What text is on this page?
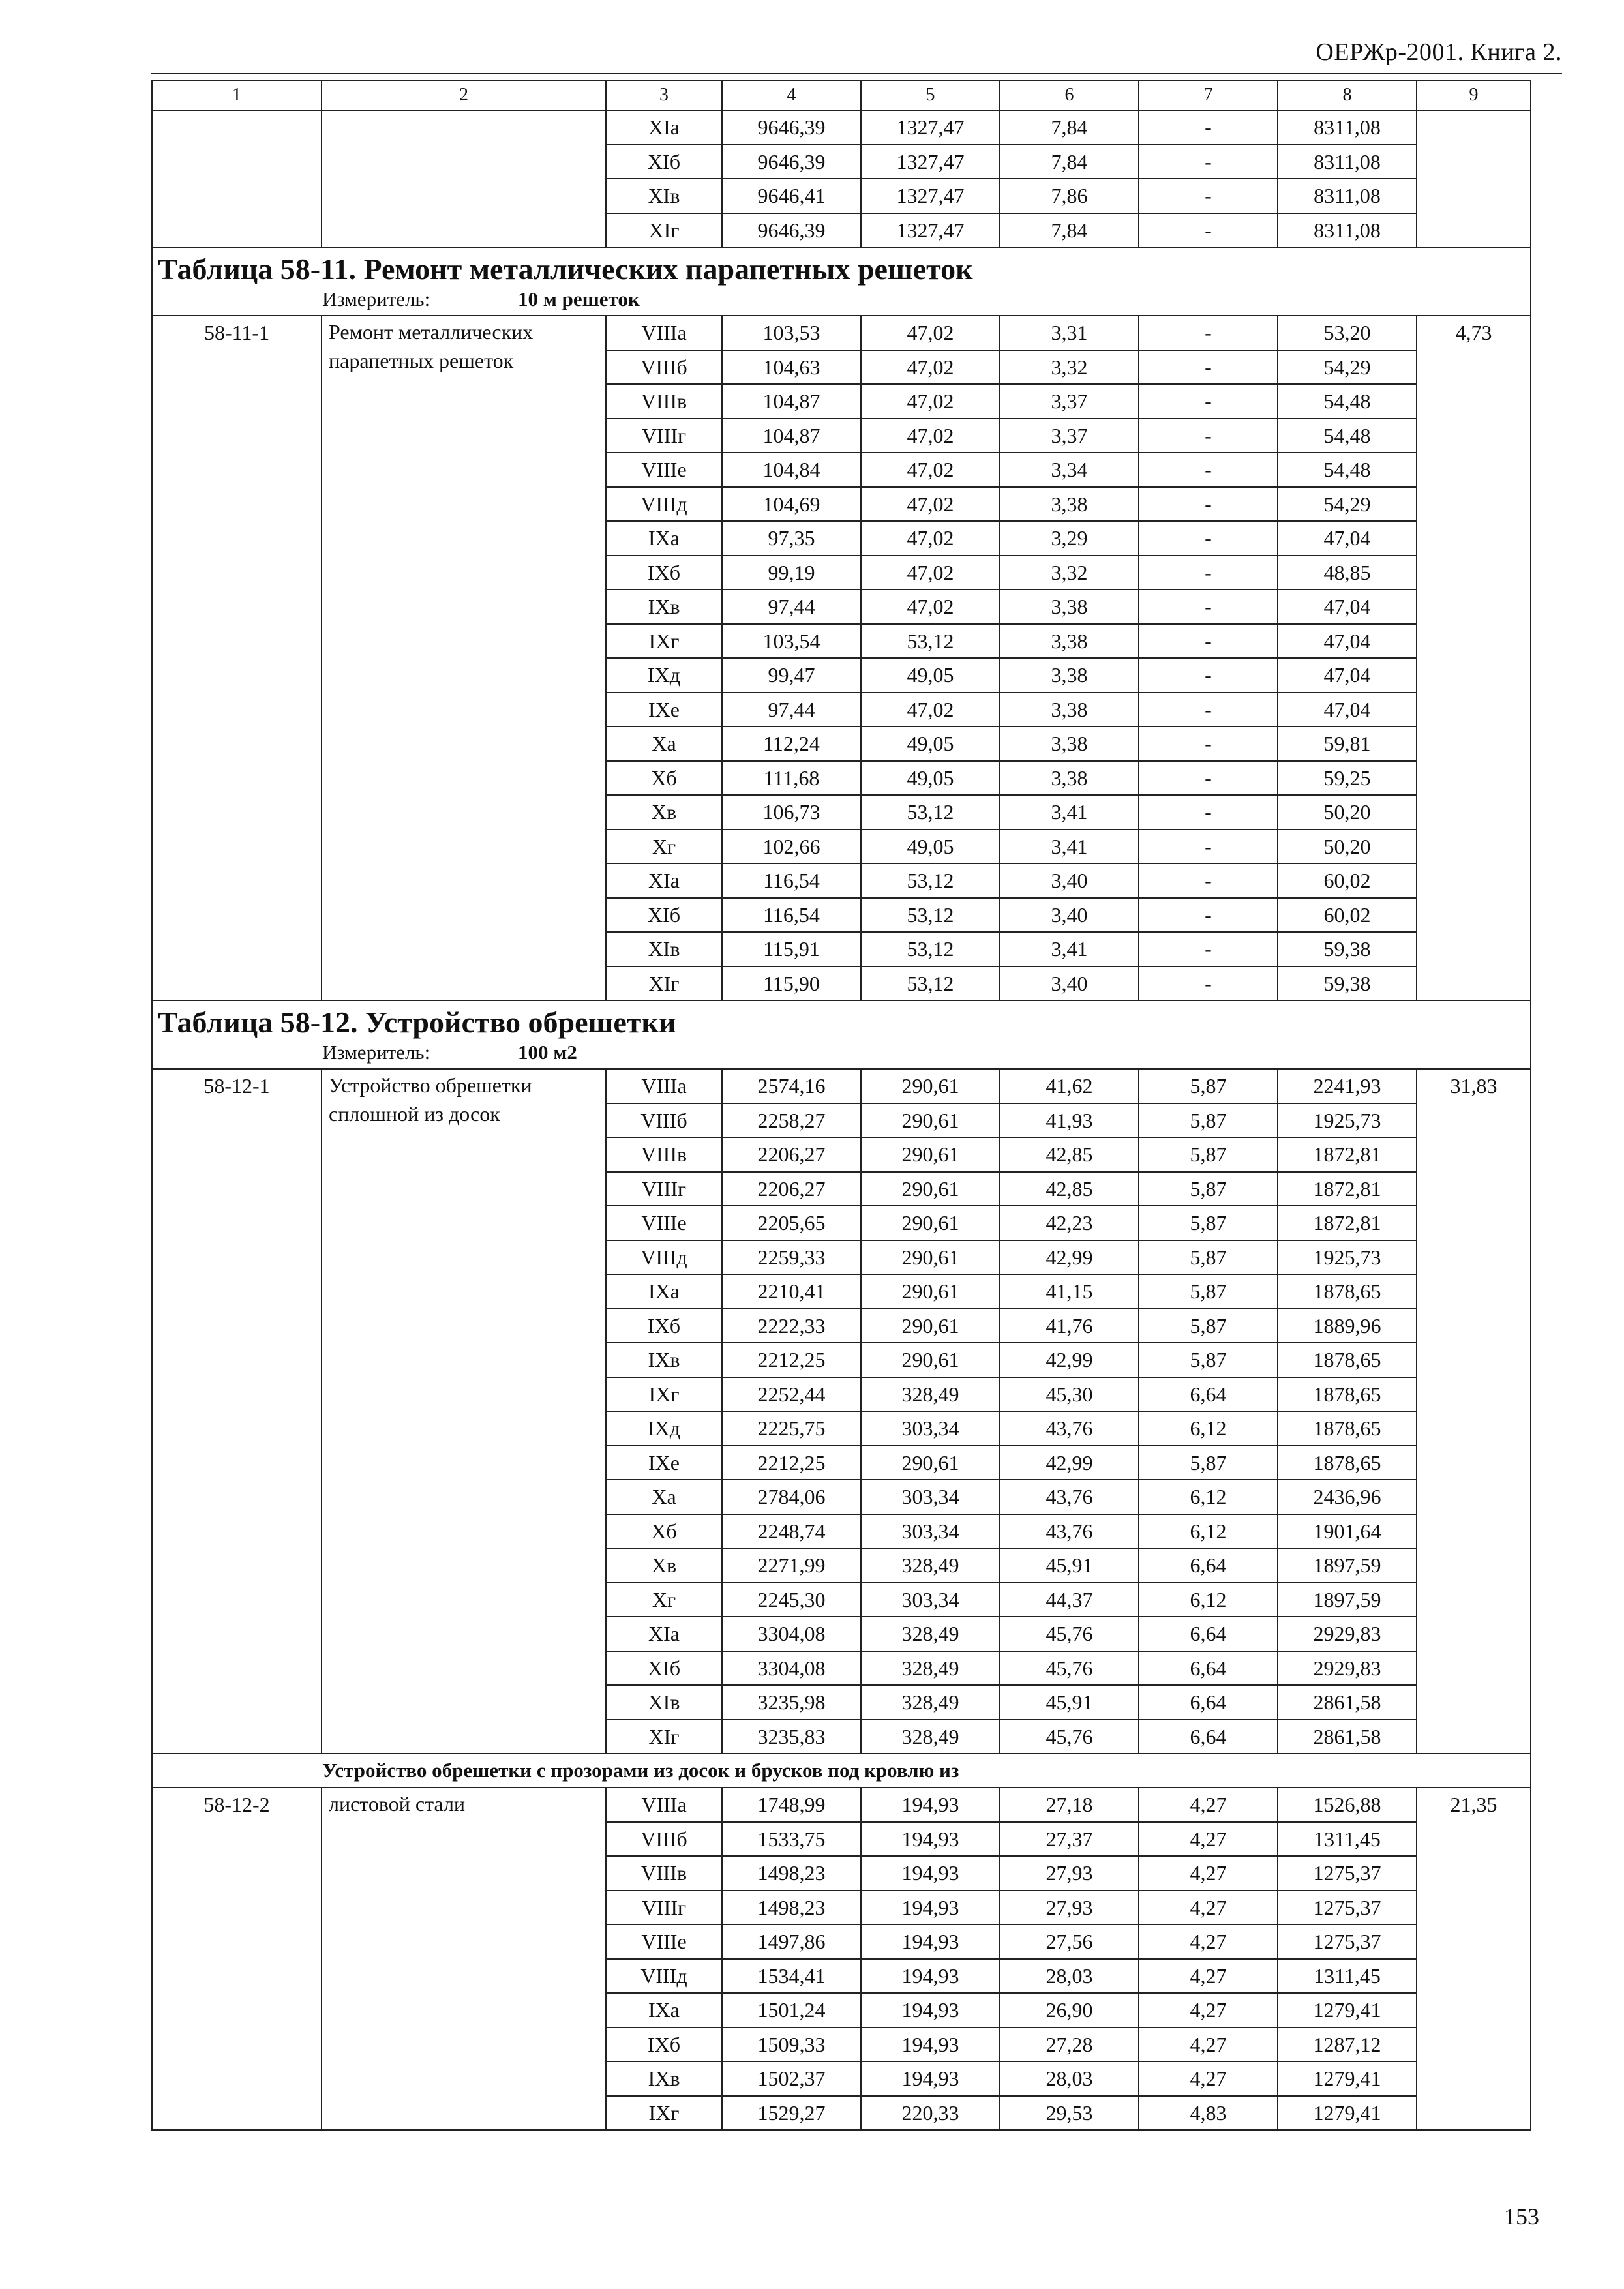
ОЕРЖр-2001. Книга 2.
1	2	3	4	5	6	7	8	9
		XIа	9646,39	1327,47	7,84	-	8311,08	
		XIб	9646,39	1327,47	7,84	-	8311,08	
		XIв	9646,41	1327,47	7,86	-	8311,08	
		XIг	9646,39	1327,47	7,84	-	8311,08	

Таблица 58-11. Ремонт металлических парапетных решеток
Измеритель: 10 м решеток								

58-11-1	Ремонт металлических парапетных решеток	VIIIа	103,53	47,02	3,31	-	53,20	4,73
		VIIIб	104,63	47,02	3,32	-	54,29	
		VIIIв	104,87	47,02	3,37	-	54,48	
		VIIIг	104,87	47,02	3,37	-	54,48	
		VIIIе	104,84	47,02	3,34	-	54,48	
		VIIIд	104,69	47,02	3,38	-	54,29	
		IXа	97,35	47,02	3,29	-	47,04	
		IXб	99,19	47,02	3,32	-	48,85	
		IXв	97,44	47,02	3,38	-	47,04	
		IXг	103,54	53,12	3,38	-	47,04	
		IXд	99,47	49,05	3,38	-	47,04	
		IXе	97,44	47,02	3,38	-	47,04	
		Xа	112,24	49,05	3,38	-	59,81	
		Xб	111,68	49,05	3,38	-	59,25	
		Xв	106,73	53,12	3,41	-	50,20	
		Xг	102,66	49,05	3,41	-	50,20	
		XIа	116,54	53,12	3,40	-	60,02	
		XIб	116,54	53,12	3,40	-	60,02	
		XIв	115,91	53,12	3,41	-	59,38	
		XIг	115,90	53,12	3,40	-	59,38	

Таблица 58-12. Устройство обрешетки
Измеритель: 100 м2								

58-12-1	Устройство обрешетки сплошной из досок	VIIIа	2574,16	290,61	41,62	5,87	2241,93	31,83
		VIIIб	2258,27	290,61	41,93	5,87	1925,73	
		VIIIв	2206,27	290,61	42,85	5,87	1872,81	
		VIIIг	2206,27	290,61	42,85	5,87	1872,81	
		VIIIе	2205,65	290,61	42,23	5,87	1872,81	
		VIIIд	2259,33	290,61	42,99	5,87	1925,73	
		IXа	2210,41	290,61	41,15	5,87	1878,65	
		IXб	2222,33	290,61	41,76	5,87	1889,96	
		IXв	2212,25	290,61	42,99	5,87	1878,65	
		IXг	2252,44	328,49	45,30	6,64	1878,65	
		IXд	2225,75	303,34	43,76	6,12	1878,65	
		IXе	2212,25	290,61	42,99	5,87	1878,65	
		Xа	2784,06	303,34	43,76	6,12	2436,96	
		Xб	2248,74	303,34	43,76	6,12	1901,64	
		Xв	2271,99	328,49	45,91	6,64	1897,59	
		Xг	2245,30	303,34	44,37	6,12	1897,59	
		XIа	3304,08	328,49	45,76	6,64	2929,83	
		XIб	3304,08	328,49	45,76	6,64	2929,83	
		XIв	3235,98	328,49	45,91	6,64	2861,58	
		XIг	3235,83	328,49	45,76	6,64	2861,58	
Устройство обрешетки с прозорами из досок и брусков под кровлю из								
58-12-2	листовой стали	VIIIа	1748,99	194,93	27,18	4,27	1526,88	21,35
		VIIIб	1533,75	194,93	27,37	4,27	1311,45	
		VIIIв	1498,23	194,93	27,93	4,27	1275,37	
		VIIIг	1498,23	194,93	27,93	4,27	1275,37	
		VIIIе	1497,86	194,93	27,56	4,27	1275,37	
		VIIIд	1534,41	194,93	28,03	4,27	1311,45	
		IXа	1501,24	194,93	26,90	4,27	1279,41	
		IXб	1509,33	194,93	27,28	4,27	1287,12	
		IXв	1502,37	194,93	28,03	4,27	1279,41	
		IXг	1529,27	220,33	29,53	4,83	1279,41	
153
